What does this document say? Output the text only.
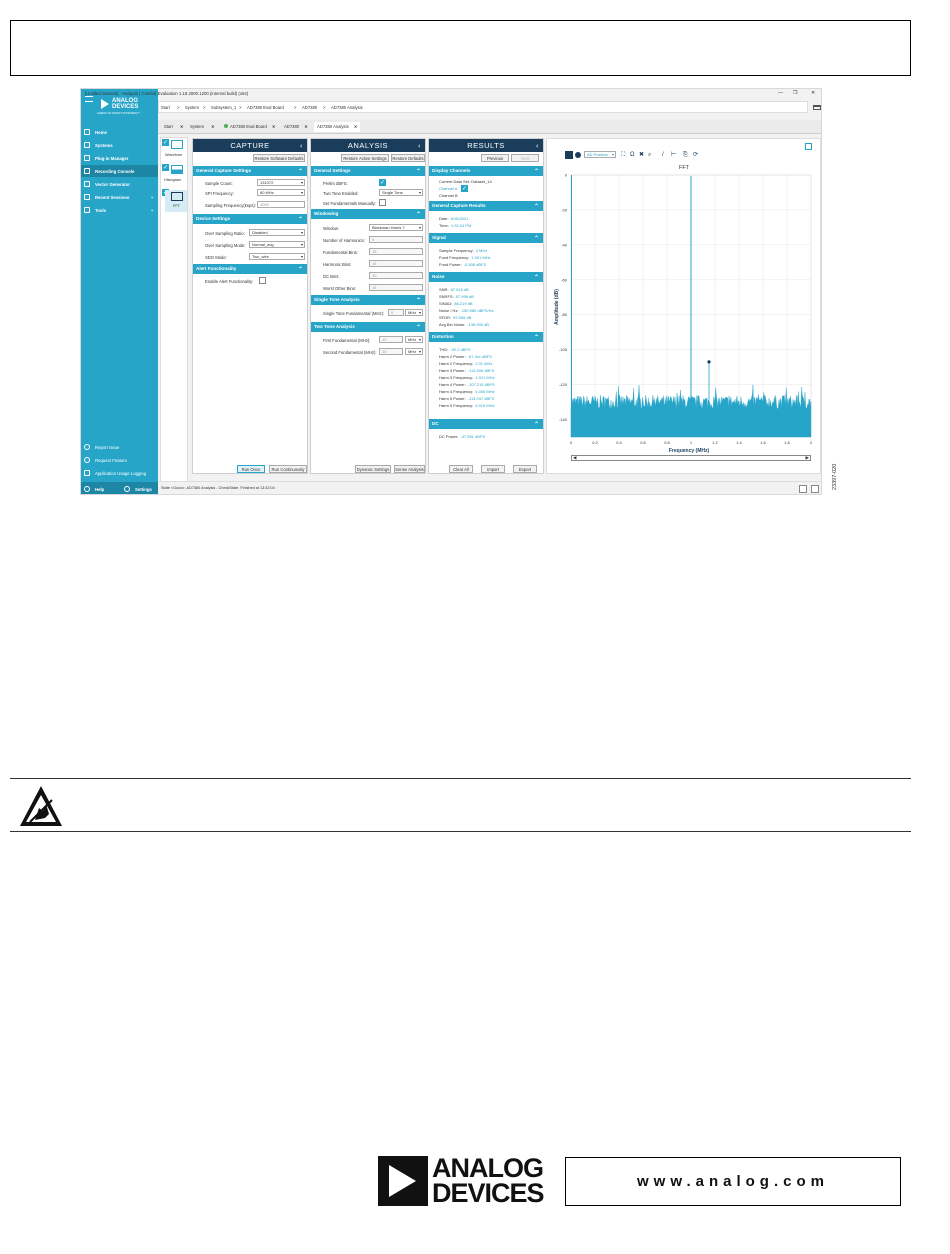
ANALOG
DEVICES
AHEAD OF WHAT'S POSSIBLE™
Home
Systems
Plug-in Manager
Recording Console
Vector Generator
Recent Sessions	⌄
Tools	⌄
Report Issue
Request Feature
Application Usage Logging
Help	Settings
[Untitled Session] - Analysis | Control| Evaluation 1.18.2000.1200 (internal build) (x64)	— ❐	✕
Start > System > Subsystem_1 > AD7380 Eval Board > AD7380 > AD7380 Analysis
Start ✕ System ✕	AD7380 Eval Board ✕ AD7380 ✕	AD7380 Analysis ✕
✓
Waveform
✓
Histogram
✓
FFT
CAPTURE	‹
Restore Software Defaults
General Capture Settings ⌃
Sample Count:	131072 ▾
SPI Frequency:	80 MHz ▾
Sampling Frequency(ksps):	4000
Device Settings ⌃
Over Sampling Ratio:	Disabled ▾
Over Sampling Mode:	Normal_avg ▾
SDO Mode:	Two_wire ▾
Alert Functionality ⌃
Enable Alert Functionality:
Run Once	Run Continuously
ANALYSIS	‹
Restore Active Settings	Restore Defaults
General Settings ⌃
Prelim dBFS:
✓
Two Tone Enabled:	Single Tone ▾
Set Fundamentals Manually:
Windowing ⌃
Window:	Blackman Harris 7 ▾
Number of Harmonics:	5
Fundamental Bins:	15
Harmonic Bins:	15
DC Bins:	10
Worst Other Bins:	15
Single Tone Analysis ⌃
Single Tone Fundamental (MHz):	0	MHz ▾
Two Tone Analysis ⌃
First Fundamental (MHz):	10	MHz ▾
Second Fundamental (MHz):	10	MHz ▾
Dynamic Settings	Sense Analysis
RESULTS	‹
Previous	Next
Display Channels ⌃
Current Data Set: Dataset_14
Channel A
✓
Channel B
General Capture Results ⌃
Date: 6/15/2021
Time: 1:32:24 PM
Signal ⌃
Sample Frequency: 4 MHz
Fund Frequency: 1.001 MHz
Fund Power: -0.508 dBFS
Noise ⌃
SNR: 87.516 dB
SNRFS: 87.998 dB
SINAD: 86.219 dB
Noise / Hz: -150.986 dBFS/Hz
SFDR: 92.565 dB
Avg Bin Noise: -136.990 dB
Distortion ⌃
THD: -92.2 dBFS
Harm 2 Power: -97.4xx dBFS
Harm 2 Frequency: 2.01 MHz
Harm 3 Power: -113.906 dBFS
Harm 3 Frequency: 1.021 MHz
Harm 4 Power: -107.215 dBFS
Harm 4 Frequency: 4.006 MHz
Harm 5 Power: -113.047 dBFS
Harm 5 Frequency: 5.015 MHz
DC ⌃
DC Power: -47.591 dBFS
Clear All	Import	Export
AD Position ▾	⛶ Ω ✖ ⌕ / ⊢ ⎘ ⟳
FFT
0	0.2	0.4	0.6	0.8	1	1.2	1.4	1.6	1.8	2
0
-20
-40
-60
-80
-100
-120
-140
Frequency (MHz)
Amplitude (dB)
◀	▶
State <Good>, AD7380 Analysis - CheckState, Finished at 13:32:04	23397-020
ANALOG
DEVICES	www.analog.com
